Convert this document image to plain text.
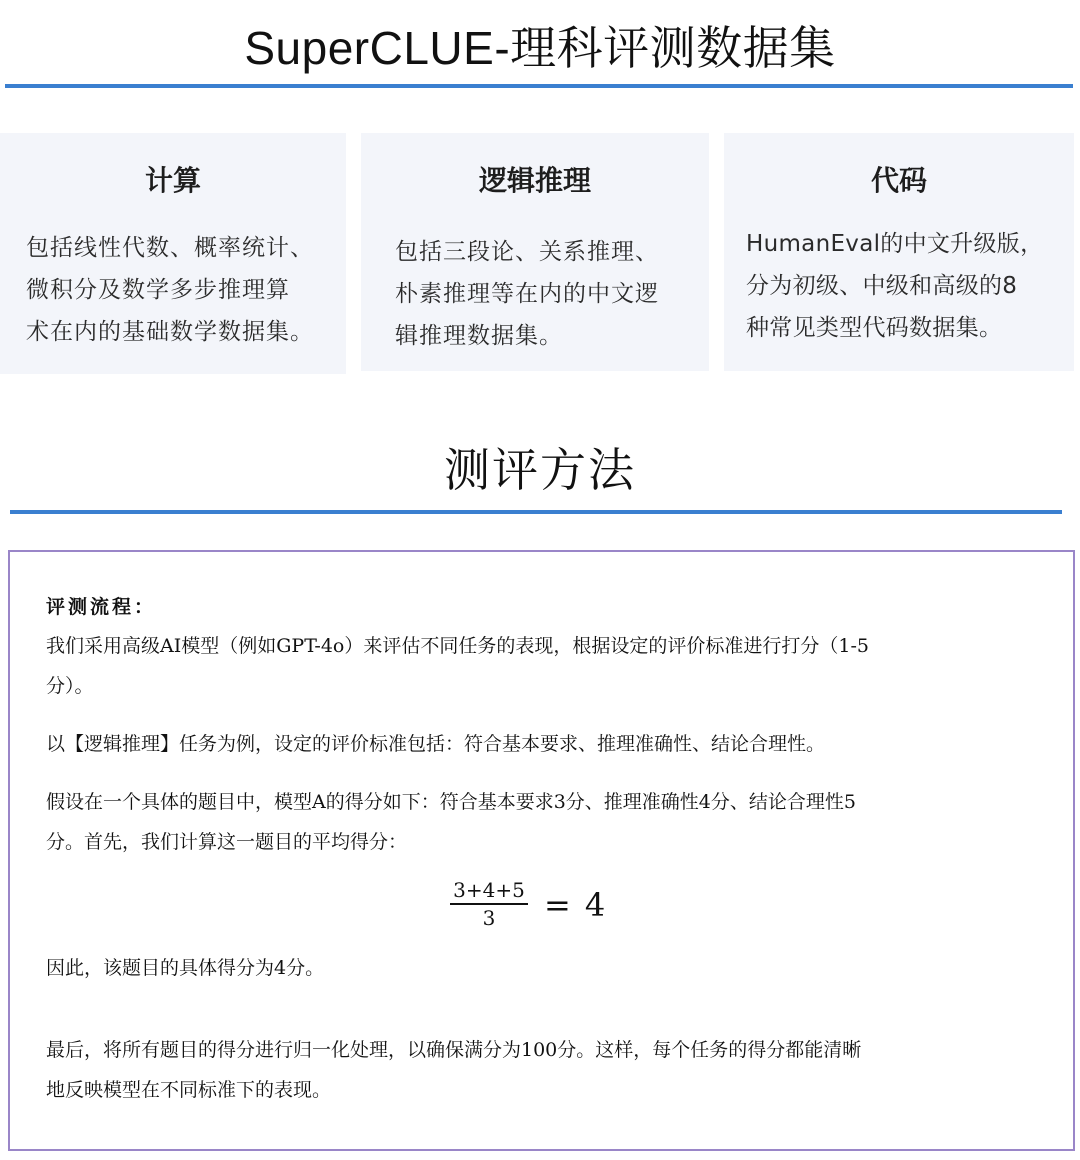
SuperCLUE-理科评测数据集
计算

包括线性代数、概率统计、
微积分及数学多步推理算
术在内的基础数学数据集。

逻辑推理

包括三段论、关系推理、
朴素推理等在内的中文逻
辑推理数据集。

代码

HumanEval的中文升级版，
分为初级、中级和高级的8
种常见类型代码数据集。

测评方法

评测流程：

我们采用高级AI模型（例如GPT-4o）来评估不同任务的表现，根据设定的评价标准进行打分（1-5
分）。

以【逻辑推理】任务为例，设定的评价标准包括：符合基本要求、推理准确性、结论合理性。

假设在一个具体的题目中，模型A的得分如下：符合基本要求3分、推理准确性4分、结论合理性5
分。首先，我们计算这一题目的平均得分：

3+4+5
3	= 4

因此，该题目的具体得分为4分。

最后，将所有题目的得分进行归一化处理，以确保满分为100分。这样，每个任务的得分都能清晰
地反映模型在不同标准下的表现。
